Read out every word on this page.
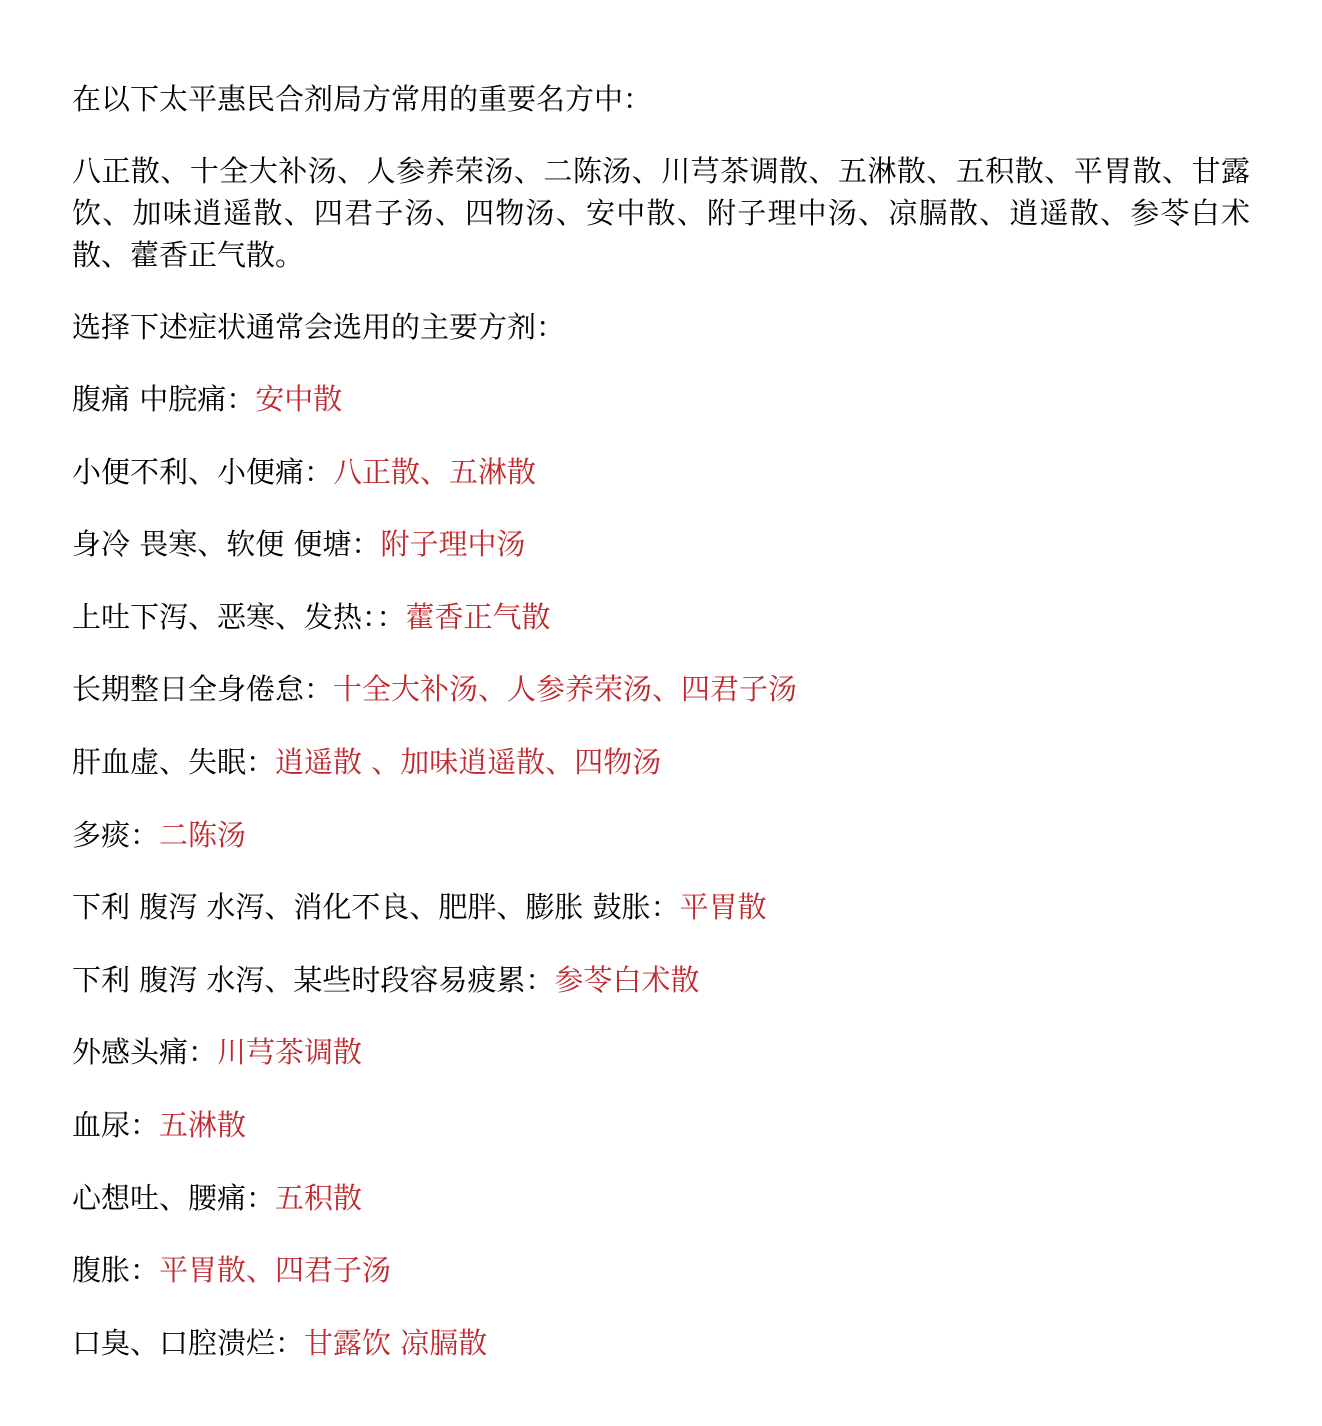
在以下太平惠民合剂局方常用的重要名方中：

八正散、十全大补汤、人参养荣汤、二陈汤、川芎茶调散、五淋散、五积散、平胃散、甘露饮、加味逍遥散、四君子汤、四物汤、安中散、附子理中汤、凉膈散、逍遥散、参苓白术散、藿香正气散。

选择下述症状通常会选用的主要方剂：

腹痛 中脘痛：安中散
小便不利、小便痛：八正散、五淋散
身冷 畏寒、软便 便塘：附子理中汤
上吐下泻、恶寒、发热：：藿香正气散
长期整日全身倦怠：十全大补汤、人参养荣汤、四君子汤
肝血虚、失眠：逍遥散 、加味逍遥散、四物汤
多痰：二陈汤
下利 腹泻 水泻、消化不良、肥胖、膨胀 鼓胀：平胃散
下利 腹泻 水泻、某些时段容易疲累：参苓白术散
外感头痛：川芎茶调散
血尿：五淋散
心想吐、腰痛：五积散
腹胀：平胃散、四君子汤
口臭、口腔溃烂：甘露饮 凉膈散
